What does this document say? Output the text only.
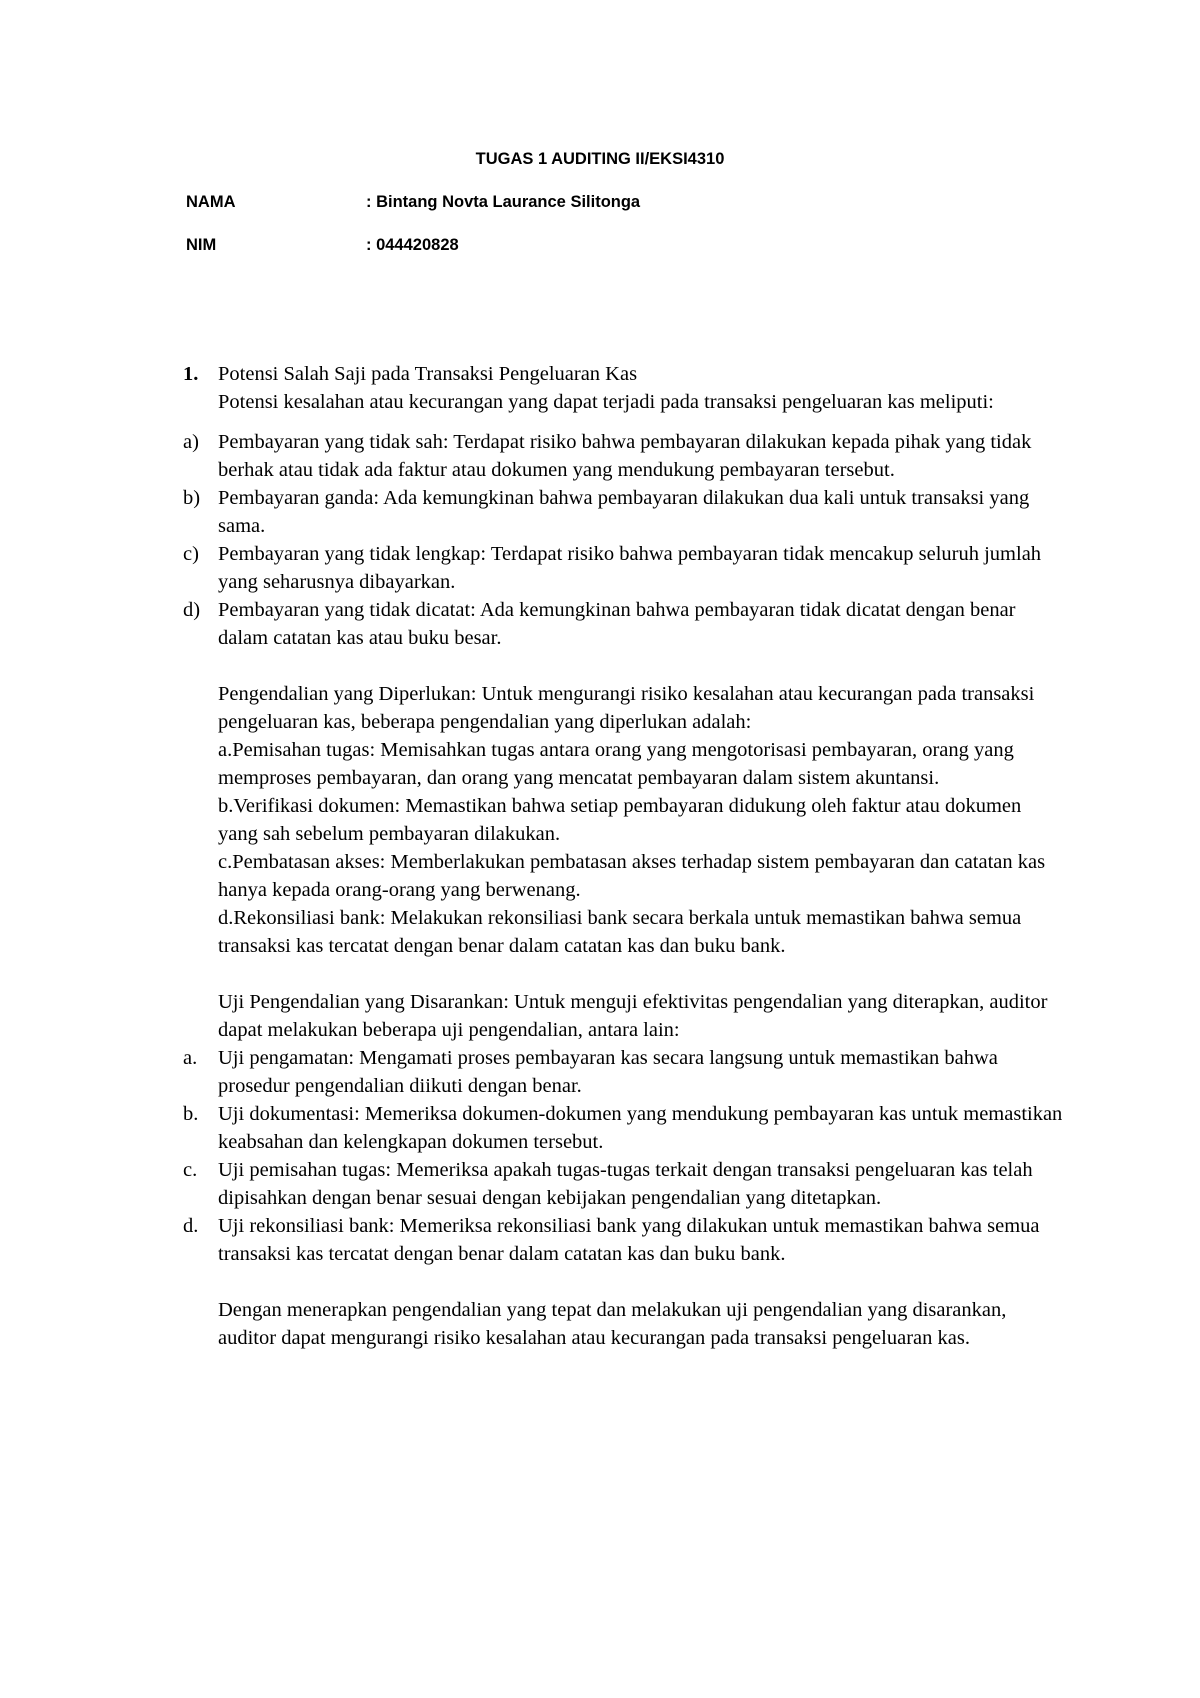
TUGAS 1 AUDITING II/EKSI4310
NAMA	: Bintang Novta Laurance Silitonga
NIM	: 044420828
1. Potensi Salah Saji pada Transaksi Pengeluaran Kas

Potensi kesalahan atau kecurangan yang dapat terjadi pada transaksi pengeluaran kas meliputi:

a) Pembayaran yang tidak sah: Terdapat risiko bahwa pembayaran dilakukan kepada pihak yang tidak berhak atau tidak ada faktur atau dokumen yang mendukung pembayaran tersebut.
b) Pembayaran ganda: Ada kemungkinan bahwa pembayaran dilakukan dua kali untuk transaksi yang sama.
c) Pembayaran yang tidak lengkap: Terdapat risiko bahwa pembayaran tidak mencakup seluruh jumlah yang seharusnya dibayarkan.
d) Pembayaran yang tidak dicatat: Ada kemungkinan bahwa pembayaran tidak dicatat dengan benar dalam catatan kas atau buku besar.

Pengendalian yang Diperlukan: Untuk mengurangi risiko kesalahan atau kecurangan pada transaksi pengeluaran kas, beberapa pengendalian yang diperlukan adalah:

a.Pemisahan tugas: Memisahkan tugas antara orang yang mengotorisasi pembayaran, orang yang memproses pembayaran, dan orang yang mencatat pembayaran dalam sistem akuntansi.

b.Verifikasi dokumen: Memastikan bahwa setiap pembayaran didukung oleh faktur atau dokumen yang sah sebelum pembayaran dilakukan.

c.Pembatasan akses: Memberlakukan pembatasan akses terhadap sistem pembayaran dan catatan kas hanya kepada orang-orang yang berwenang.

d.Rekonsiliasi bank: Melakukan rekonsiliasi bank secara berkala untuk memastikan bahwa semua transaksi kas tercatat dengan benar dalam catatan kas dan buku bank.

Uji Pengendalian yang Disarankan: Untuk menguji efektivitas pengendalian yang diterapkan, auditor dapat melakukan beberapa uji pengendalian, antara lain:

a. Uji pengamatan: Mengamati proses pembayaran kas secara langsung untuk memastikan bahwa prosedur pengendalian diikuti dengan benar.
b. Uji dokumentasi: Memeriksa dokumen-dokumen yang mendukung pembayaran kas untuk memastikan keabsahan dan kelengkapan dokumen tersebut.
c. Uji pemisahan tugas: Memeriksa apakah tugas-tugas terkait dengan transaksi pengeluaran kas telah dipisahkan dengan benar sesuai dengan kebijakan pengendalian yang ditetapkan.
d. Uji rekonsiliasi bank: Memeriksa rekonsiliasi bank yang dilakukan untuk memastikan bahwa semua transaksi kas tercatat dengan benar dalam catatan kas dan buku bank.

Dengan menerapkan pengendalian yang tepat dan melakukan uji pengendalian yang disarankan, auditor dapat mengurangi risiko kesalahan atau kecurangan pada transaksi pengeluaran kas.
